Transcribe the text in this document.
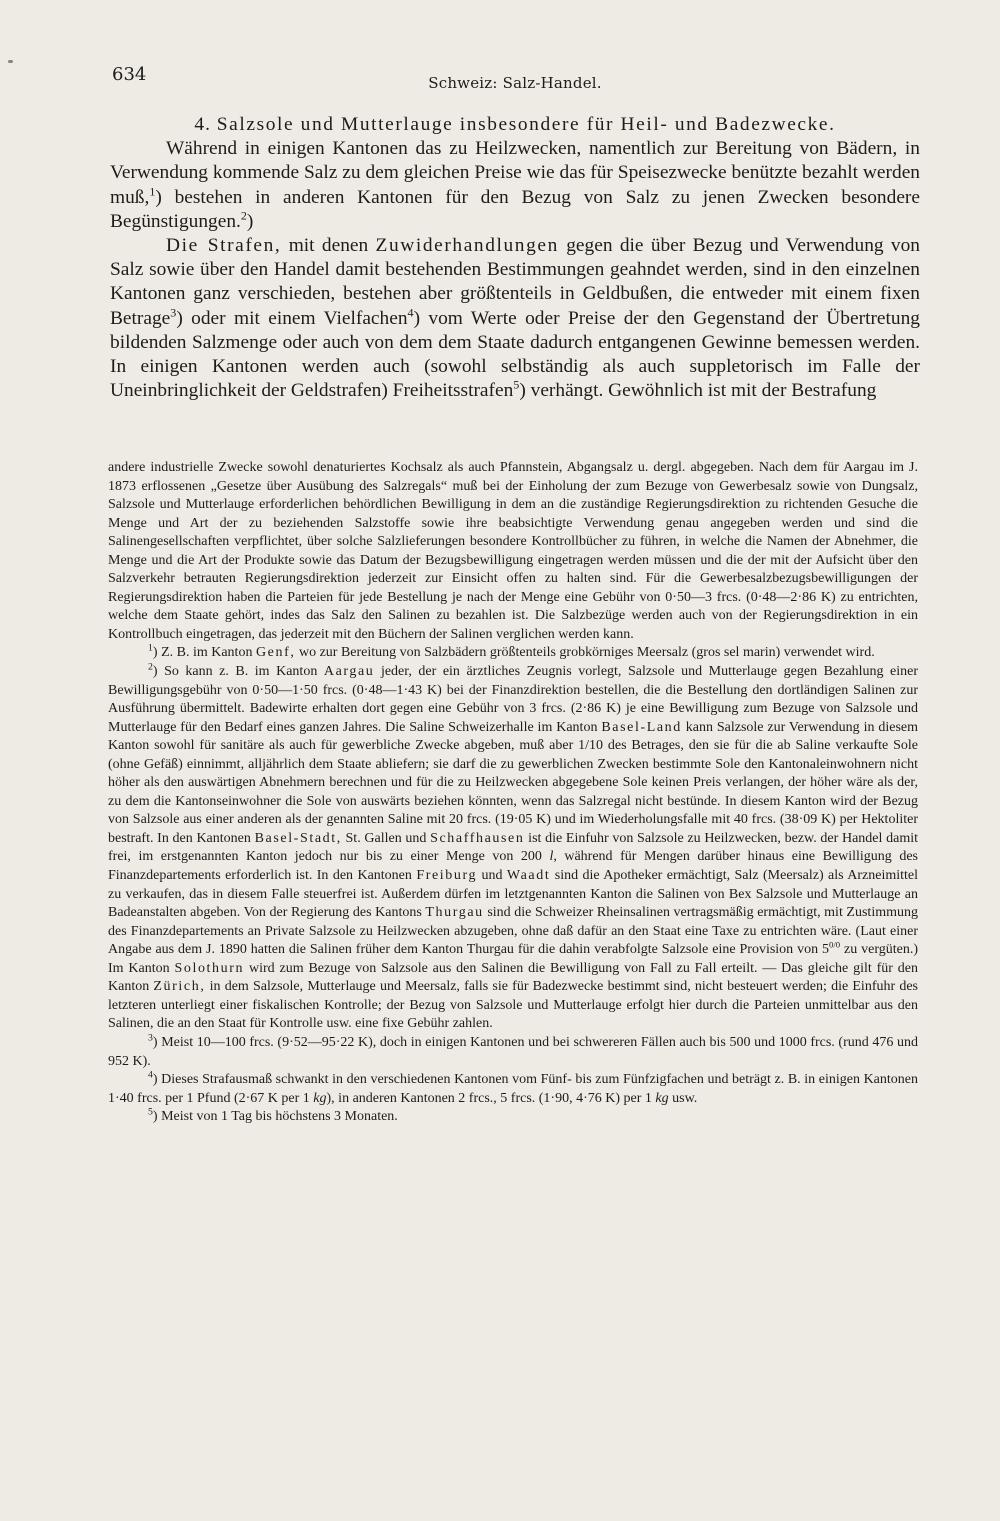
634	Schweiz: Salz-Handel.

4. Salzsole und Mutterlauge insbesondere für Heil- und Badezwecke.

Während in einigen Kantonen das zu Heilzwecken, namentlich zur Bereitung von Bädern, in Verwendung kommende Salz zu dem gleichen Preise wie das für Speisezwecke benützte bezahlt werden muß,$^1$) bestehen in anderen Kantonen für den Bezug von Salz zu jenen Zwecken besondere Begünstigungen.$^2$)

Die Strafen, mit denen Zuwiderhandlungen gegen die über Bezug und Verwendung von Salz sowie über den Handel damit bestehenden Bestimmungen geahndet werden, sind in den einzelnen Kantonen ganz verschieden, bestehen aber größtenteils in Geldbußen, die entweder mit einem fixen Betrage$^3$) oder mit einem Vielfachen$^4$) vom Werte oder Preise der den Gegenstand der Übertretung bildenden Salzmenge oder auch von dem dem Staate dadurch entgangenen Gewinne bemessen werden. In einigen Kantonen werden auch (sowohl selbständig als auch suppletorisch im Falle der Uneinbringlichkeit der Geldstrafen) Freiheitsstrafen$^5$) verhängt. Gewöhnlich ist mit der Bestrafung

andere industrielle Zwecke sowohl denaturiertes Kochsalz als auch Pfannstein, Abgangsalz u. dergl. abgegeben. Nach dem für Aargau im J. 1873 erflossenen „Gesetze über Ausübung des Salzregals“ muß bei der Einholung der zum Bezuge von Gewerbesalz sowie von Dungsalz, Salzsole und Mutterlauge erforderlichen behördlichen Bewilligung in dem an die zuständige Regierungsdirektion zu richtenden Gesuche die Menge und Art der zu beziehenden Salzstoffe sowie ihre beabsichtigte Verwendung genau angegeben werden und sind die Salinengesellschaften verpflichtet, über solche Salzlieferungen besondere Kontrollbücher zu führen, in welche die Namen der Abnehmer, die Menge und die Art der Produkte sowie das Datum der Bezugsbewilligung eingetragen werden müssen und die der mit der Aufsicht über den Salzverkehr betrauten Regierungsdirektion jederzeit zur Einsicht offen zu halten sind. Für die Gewerbesalzbezugsbewilligungen der Regierungsdirektion haben die Parteien für jede Bestellung je nach der Menge eine Gebühr von 0·50—3 frcs. (0·48—2·86 K) zu entrichten, welche dem Staate gehört, indes das Salz den Salinen zu bezahlen ist. Die Salzbezüge werden auch von der Regierungsdirektion in ein Kontrollbuch eingetragen, das jederzeit mit den Büchern der Salinen verglichen werden kann.

$^1$) Z. B. im Kanton Genf, wo zur Bereitung von Salzbädern größtenteils grobkörniges Meersalz (gros sel marin) verwendet wird.

$^2$) So kann z. B. im Kanton Aargau jeder, der ein ärztliches Zeugnis vorlegt, Salzsole und Mutterlauge gegen Bezahlung einer Bewilligungsgebühr von 0·50—1·50 frcs. (0·48—1·43 K) bei der Finanzdirektion bestellen, die die Bestellung den dortländigen Salinen zur Ausführung übermittelt. Badewirte erhalten dort gegen eine Gebühr von 3 frcs. (2·86 K) je eine Bewilligung zum Bezuge von Salzsole und Mutterlauge für den Bedarf eines ganzen Jahres. Die Saline Schweizerhalle im Kanton Basel-Land kann Salzsole zur Verwendung in diesem Kanton sowohl für sanitäre als auch für gewerbliche Zwecke abgeben, muß aber 1/10 des Betrages, den sie für die ab Saline verkaufte Sole (ohne Gefäß) einnimmt, alljährlich dem Staate abliefern; sie darf die zu gewerblichen Zwecken bestimmte Sole den Kantonaleinwohnern nicht höher als den auswärtigen Abnehmern berechnen und für die zu Heilzwecken abgegebene Sole keinen Preis verlangen, der höher wäre als der, zu dem die Kantonseinwohner die Sole von auswärts beziehen könnten, wenn das Salzregal nicht bestünde. In diesem Kanton wird der Bezug von Salzsole aus einer anderen als der genannten Saline mit 20 frcs. (19·05 K) und im Wiederholungsfalle mit 40 frcs. (38·09 K) per Hektoliter bestraft. In den Kantonen Basel-Stadt, St. Gallen und Schaffhausen ist die Einfuhr von Salzsole zu Heilzwecken, bezw. der Handel damit frei, im erstgenannten Kanton jedoch nur bis zu einer Menge von 200 l, während für Mengen darüber hinaus eine Bewilligung des Finanzdepartements erforderlich ist. In den Kantonen Freiburg und Waadt sind die Apotheker ermächtigt, Salz (Meersalz) als Arzneimittel zu verkaufen, das in diesem Falle steuerfrei ist. Außerdem dürfen im letztgenannten Kanton die Salinen von Bex Salzsole und Mutterlauge an Badeanstalten abgeben. Von der Regierung des Kantons Thurgau sind die Schweizer Rheinsalinen vertragsmäßig ermächtigt, mit Zustimmung des Finanzdepartements an Private Salzsole zu Heilzwecken abzugeben, ohne daß dafür an den Staat eine Taxe zu entrichten wäre. (Laut einer Angabe aus dem J. 1890 hatten die Salinen früher dem Kanton Thurgau für die dahin verabfolgte Salzsole eine Provision von $5^{0/0}$ zu vergüten.) Im Kanton Solothurn wird zum Bezuge von Salzsole aus den Salinen die Bewilligung von Fall zu Fall erteilt. — Das gleiche gilt für den Kanton Zürich, in dem Salzsole, Mutterlauge und Meersalz, falls sie für Badezwecke bestimmt sind, nicht besteuert werden; die Einfuhr des letzteren unterliegt einer fiskalischen Kontrolle; der Bezug von Salzsole und Mutterlauge erfolgt hier durch die Parteien unmittelbar aus den Salinen, die an den Staat für Kontrolle usw. eine fixe Gebühr zahlen.

$^3$) Meist 10—100 frcs. (9·52—95·22 K), doch in einigen Kantonen und bei schwereren Fällen auch bis 500 und 1000 frcs. (rund 476 und 952 K).

$^4$) Dieses Strafausmaß schwankt in den verschiedenen Kantonen vom Fünf- bis zum Fünfzigfachen und beträgt z. B. in einigen Kantonen 1·40 frcs. per 1 Pfund (2·67 K per 1 kg), in anderen Kantonen 2 frcs., 5 frcs. (1·90, 4·76 K) per 1 kg usw.

$^5$) Meist von 1 Tag bis höchstens 3 Monaten.
